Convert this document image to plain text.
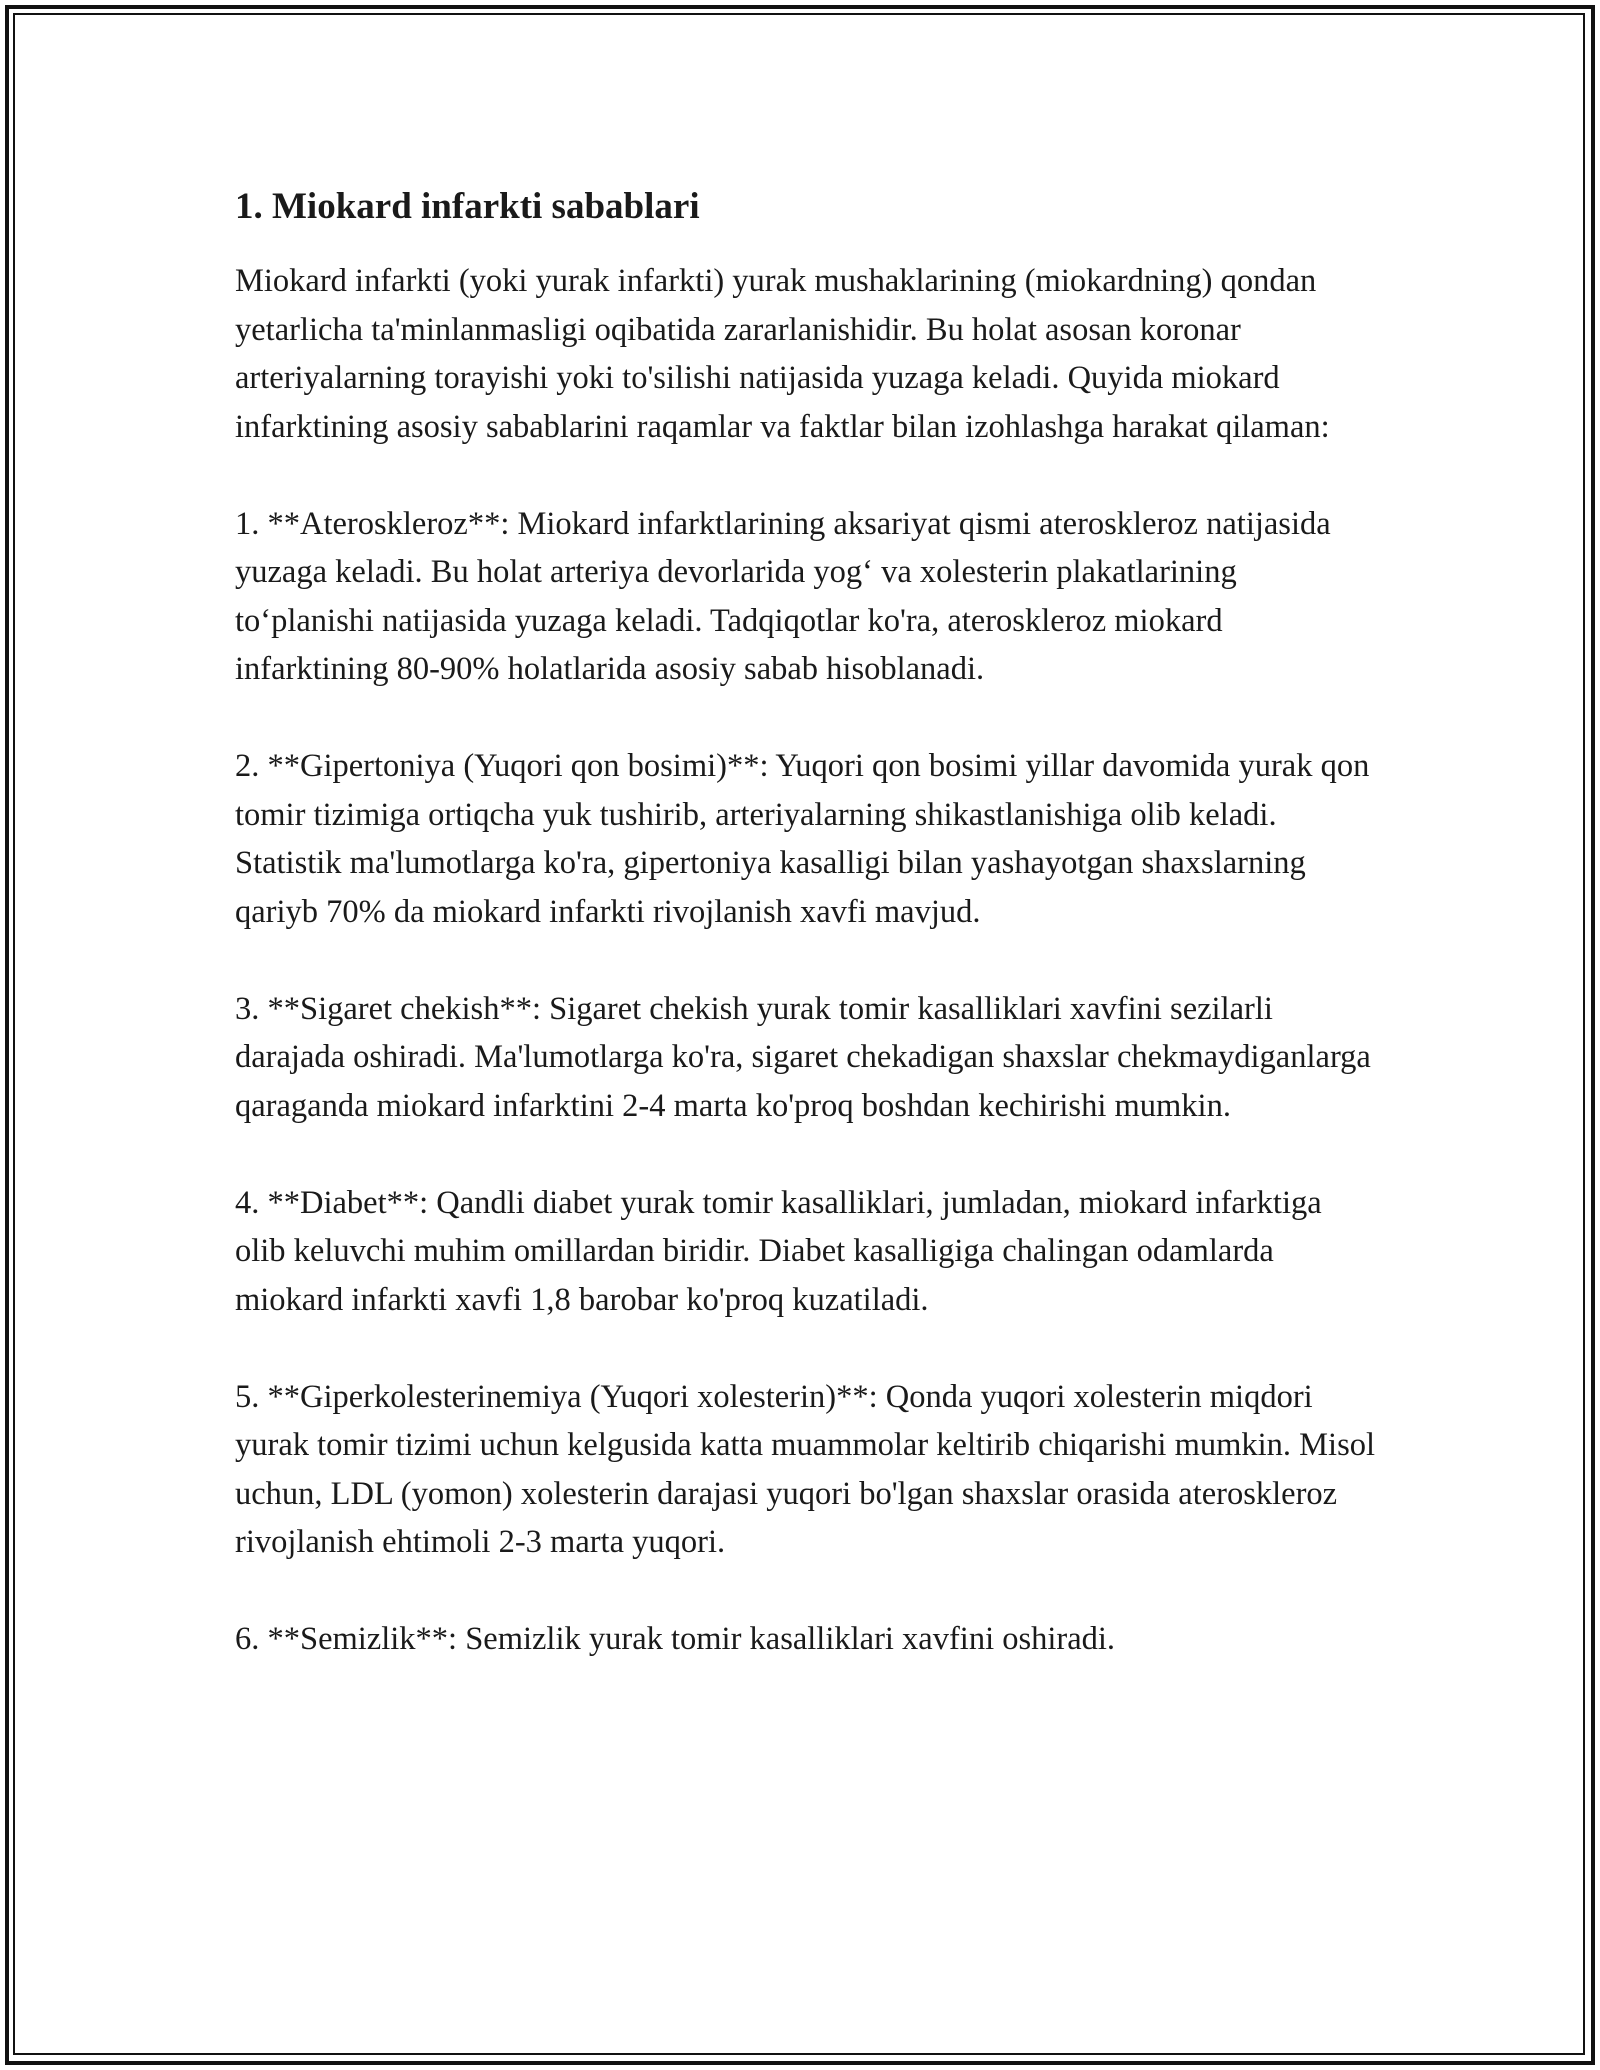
1. Miokard infarkti sabablari

Miokard infarkti (yoki yurak infarkti) yurak mushaklarining (miokardning) qondan yetarlicha ta'minlanmasligi oqibatida zararlanishidir. Bu holat asosan koronar arteriyalarning torayishi yoki to'silishi natijasida yuzaga keladi. Quyida miokard infarktining asosiy sabablarini raqamlar va faktlar bilan izohlashga harakat qilaman:

1. **Ateroskleroz**: Miokard infarktlarining aksariyat qismi ateroskleroz natijasida yuzaga keladi. Bu holat arteriya devorlarida yog‘ va xolesterin plakatlarining to‘planishi natijasida yuzaga keladi. Tadqiqotlar ko'ra, ateroskleroz miokard infarktining 80-90% holatlarida asosiy sabab hisoblanadi.

2. **Gipertoniya (Yuqori qon bosimi)**: Yuqori qon bosimi yillar davomida yurak qon tomir tizimiga ortiqcha yuk tushirib, arteriyalarning shikastlanishiga olib keladi. Statistik ma'lumotlarga ko'ra, gipertoniya kasalligi bilan yashayotgan shaxslarning qariyb 70% da miokard infarkti rivojlanish xavfi mavjud.

3. **Sigaret chekish**: Sigaret chekish yurak tomir kasalliklari xavfini sezilarli darajada oshiradi. Ma'lumotlarga ko'ra, sigaret chekadigan shaxslar chekmaydiganlarga qaraganda miokard infarktini 2-4 marta ko'proq boshdan kechirishi mumkin.

4. **Diabet**: Qandli diabet yurak tomir kasalliklari, jumladan, miokard infarktiga olib keluvchi muhim omillardan biridir. Diabet kasalligiga chalingan odamlarda miokard infarkti xavfi 1,8 barobar ko'proq kuzatiladi.

5. **Giperkolesterinemiya (Yuqori xolesterin)**: Qonda yuqori xolesterin miqdori yurak tomir tizimi uchun kelgusida katta muammolar keltirib chiqarishi mumkin. Misol uchun, LDL (yomon) xolesterin darajasi yuqori bo'lgan shaxslar orasida ateroskleroz rivojlanish ehtimoli 2-3 marta yuqori.

6. **Semizlik**: Semizlik yurak tomir kasalliklari xavfini oshiradi.
